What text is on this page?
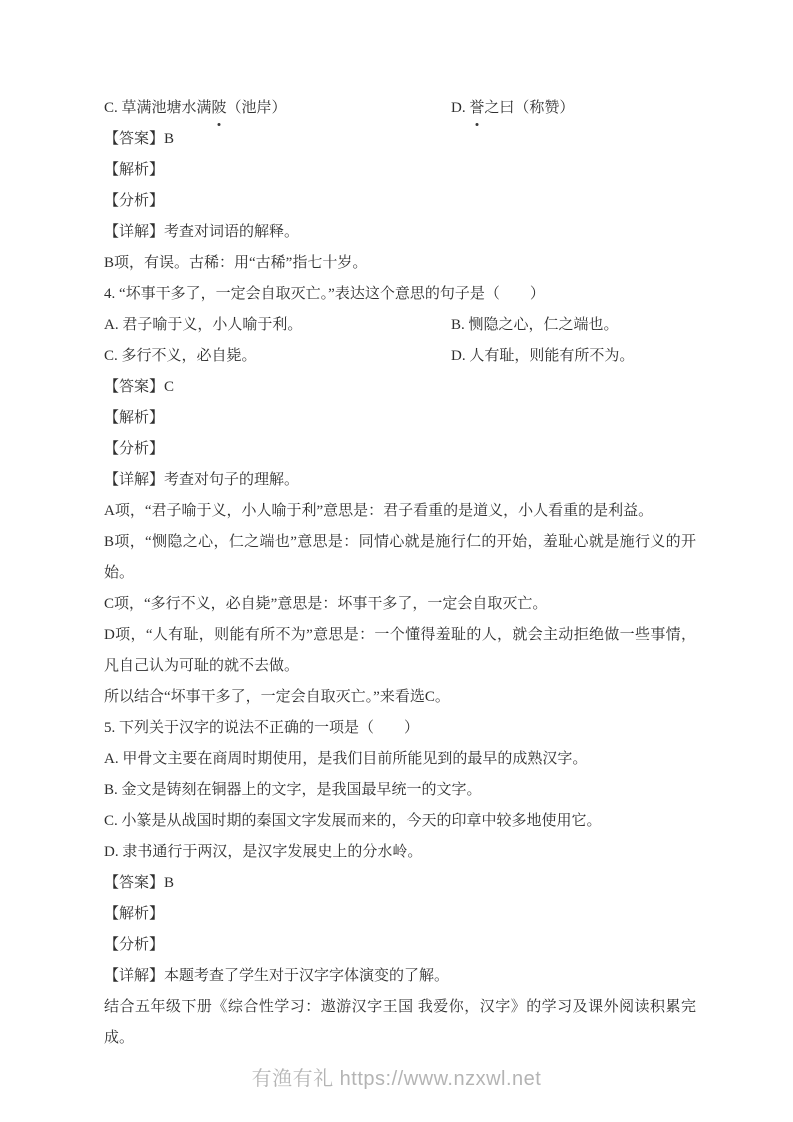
C. 草满池塘水满陂（池岸）	D. 誉之曰（称赞）

【答案】B

【解析】

【分析】

【详解】考查对词语的解释。

B项，有误。古稀：用“古稀”指七十岁。

4. “坏事干多了，一定会自取灭亡。”表达这个意思的句子是（　　）

A. 君子喻于义，小人喻于利。	B. 恻隐之心，仁之端也。

C. 多行不义，必自毙。	D. 人有耻，则能有所不为。

【答案】C

【解析】

【分析】

【详解】考查对句子的理解。

A项，“君子喻于义，小人喻于利”意思是：君子看重的是道义，小人看重的是利益。

B项，“恻隐之心，仁之端也”意思是：同情心就是施行仁的开始，羞耻心就是施行义的开始。

C项，“多行不义，必自毙”意思是：坏事干多了，一定会自取灭亡。

D项，“人有耻，则能有所不为”意思是：一个懂得羞耻的人，就会主动拒绝做一些事情，凡自己认为可耻的就不去做。

所以结合“坏事干多了，一定会自取灭亡。”来看选C。

5. 下列关于汉字的说法不正确的一项是（　　）

A. 甲骨文主要在商周时期使用，是我们目前所能见到的最早的成熟汉字。

B. 金文是铸刻在铜器上的文字，是我国最早统一的文字。

C. 小篆是从战国时期的秦国文字发展而来的，今天的印章中较多地使用它。

D. 隶书通行于两汉，是汉字发展史上的分水岭。

【答案】B

【解析】

【分析】

【详解】本题考查了学生对于汉字字体演变的了解。

结合五年级下册《综合性学习：遨游汉字王国 我爱你，汉字》的学习及课外阅读积累完成。

有渔有礼 https://www.nzxwl.net
